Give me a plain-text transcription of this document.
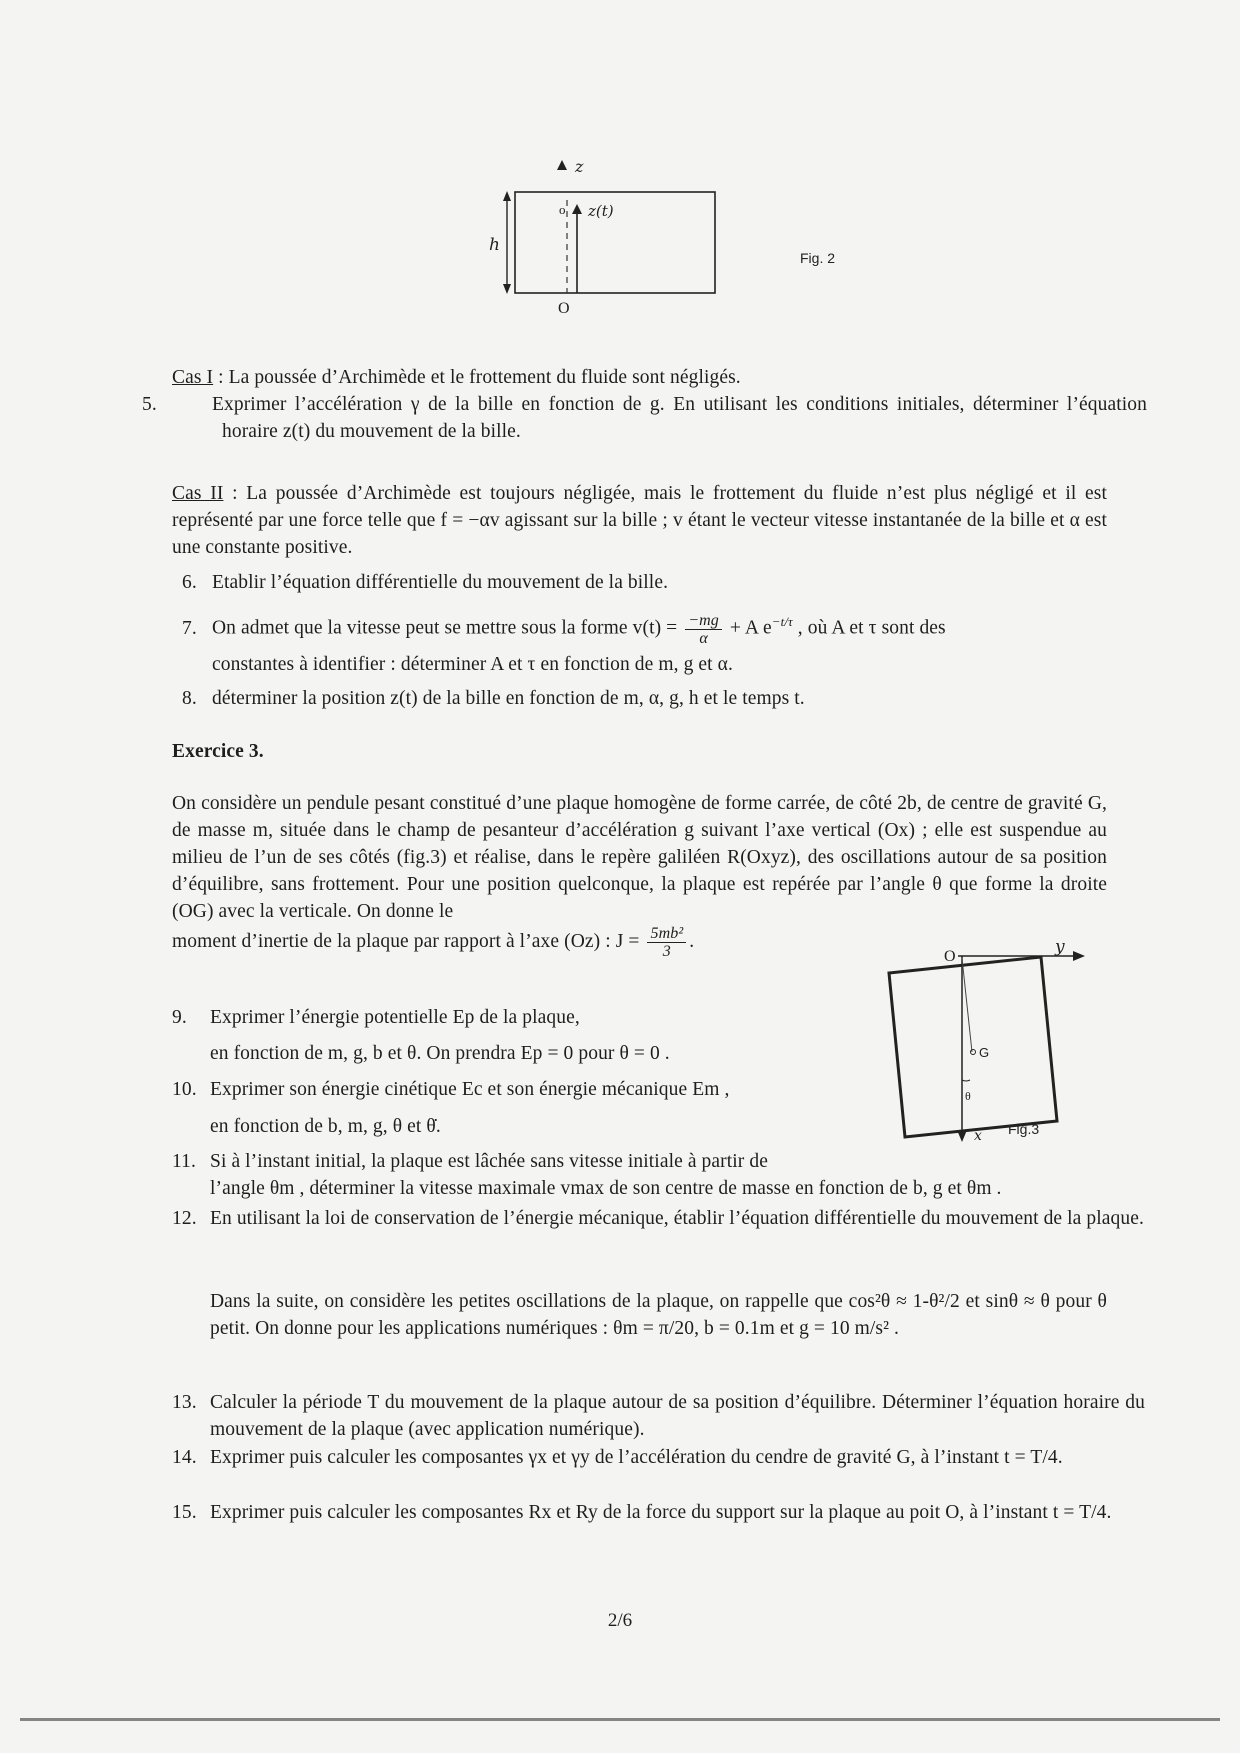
z
h
o z(t)
O
Fig. 2
Cas I : La poussée d’Archimède et le frottement du fluide sont négligés.
5.	Exprimer l’accélération γ de la bille en fonction de g. En utilisant les conditions initiales, déterminer l’équation horaire z(t) du mouvement de la bille.
Cas II : La poussée d’Archimède est toujours négligée, mais le frottement du fluide n’est plus négligé et il est représenté par une force telle que f = −αv agissant sur la bille ; v étant le vecteur vitesse instantanée de la bille et α est une constante positive.
6. Etablir l’équation différentielle du mouvement de la bille.
7. On admet que la vitesse peut se mettre sous la forme $v(t) = \frac{-mg}{\alpha} + A$ $e^{-t/\tau}$ , où A et τ sont des
constantes à identifier : déterminer A et τ en fonction de m, g et α.
8. déterminer la position z(t) de la bille en fonction de m, α, g, h et le temps t.
Exercice 3.
On considère un pendule pesant constitué d’une plaque homogène de forme carrée, de côté 2b, de centre de gravité G, de masse m, située dans le champ de pesanteur d’accélération g suivant l’axe vertical (Ox) ; elle est suspendue au milieu de l’un de ses côtés (fig.3) et réalise, dans le repère galiléen R(Oxyz), des oscillations autour de sa position d’équilibre, sans frottement. Pour une position quelconque, la plaque est repérée par l’angle θ que forme la droite (OG) avec la verticale. On donne le
moment d’inertie de la plaque par rapport à l’axe (Oz) : $J = \frac{\text{5mb²}}{3}$ .
O	y
x
G
θ
Fig.3
9. Exprimer l’énergie potentielle Ep de la plaque,
en fonction de m, g, b et θ. On prendra Ep = 0 pour θ = 0 .
10. Exprimer son énergie cinétique Ec et son énergie mécanique Em ,
en fonction de b, m, g, θ et θ̇.
11. Si à l’instant initial, la plaque est lâchée sans vitesse initiale à partir de
l’angle θm , déterminer la vitesse maximale vmax de son centre de masse en fonction de b, g et θm .
12. En utilisant la loi de conservation de l’énergie mécanique, établir l’équation différentielle du mouvement de la plaque.
Dans la suite, on considère les petites oscillations de la plaque, on rappelle que cos²θ ≈ 1-θ²/2 et sinθ ≈ θ pour θ petit. On donne pour les applications numériques : θm = π/20, b = 0.1m et g = 10 m/s² .
13. Calculer la période T du mouvement de la plaque autour de sa position d’équilibre. Déterminer l’équation horaire du mouvement de la plaque (avec application numérique).
14. Exprimer puis calculer les composantes γx et γy de l’accélération du cendre de gravité G, à l’instant t = T/4.
15. Exprimer puis calculer les composantes Rx et Ry de la force du support sur la plaque au poit O, à l’instant t = T/4.
2/6
